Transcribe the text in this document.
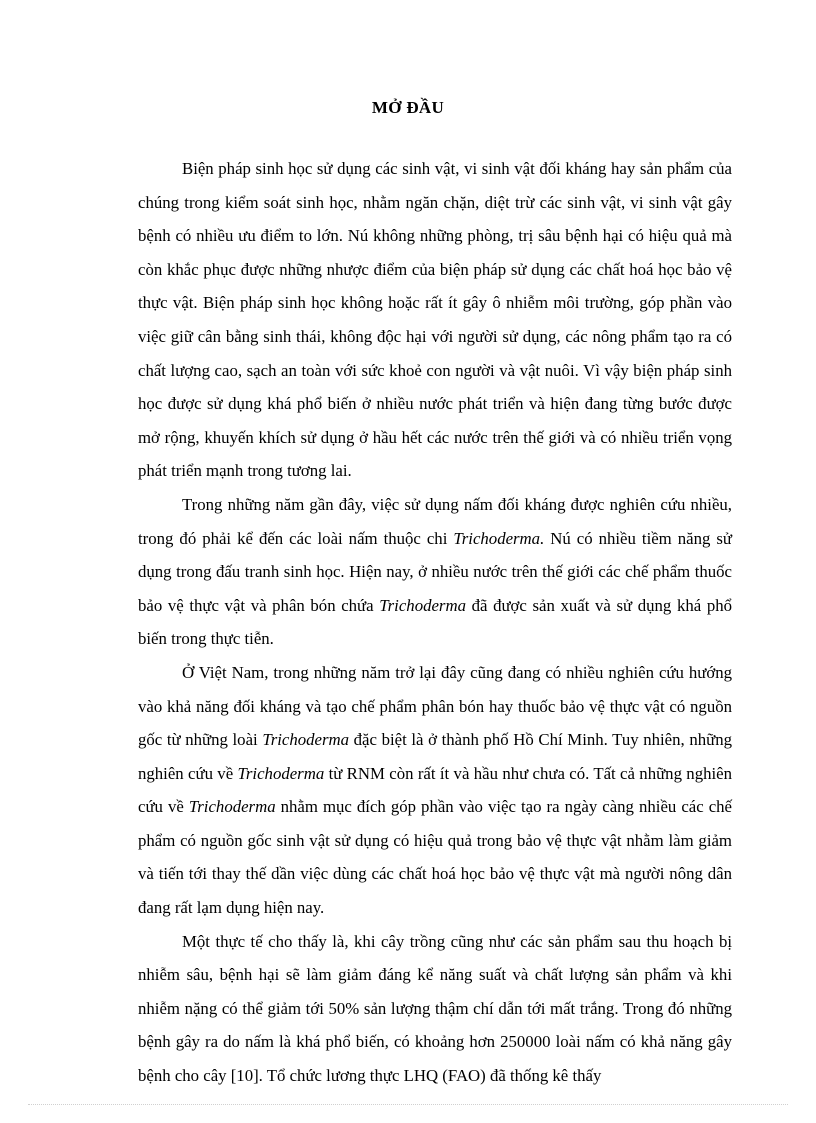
MỞ ĐẦU

Biện pháp sinh học sử dụng các sinh vật, vi sinh vật đối kháng hay sản phẩm của chúng trong kiểm soát sinh học, nhằm ngăn chặn, diệt trừ các sinh vật, vi sinh vật gây bệnh có nhiều ưu điểm to lớn. Nú không những phòng, trị sâu bệnh hại có hiệu quả mà còn khắc phục được những nhược điểm của biện pháp sử dụng các chất hoá học bảo vệ thực vật. Biện pháp sinh học không hoặc rất ít gây ô nhiễm môi trường, góp phần vào việc giữ cân bằng sinh thái, không độc hại với người sử dụng, các nông phẩm tạo ra có chất lượng cao, sạch an toàn với sức khoẻ con người và vật nuôi. Vì vậy biện pháp sinh học được sử dụng khá phổ biến ở nhiều nước phát triển và hiện đang từng bước được mở rộng, khuyến khích sử dụng ở hầu hết các nước trên thế giới và có nhiều triển vọng phát triển mạnh trong tương lai.

Trong những năm gần đây, việc sử dụng nấm đối kháng được nghiên cứu nhiều, trong đó phải kể đến các loài nấm thuộc chi Trichoderma. Nú có nhiều tiềm năng sử dụng trong đấu tranh sinh học. Hiện nay, ở nhiều nước trên thế giới các chế phẩm thuốc bảo vệ thực vật và phân bón chứa Trichoderma đã được sản xuất và sử dụng khá phổ biến trong thực tiễn.

Ở Việt Nam, trong những năm trở lại đây cũng đang có nhiều nghiên cứu hướng vào khả năng đối kháng và tạo chế phẩm phân bón hay thuốc bảo vệ thực vật có nguồn gốc từ những loài Trichoderma đặc biệt là ở thành phố Hồ Chí Minh. Tuy nhiên, những nghiên cứu về Trichoderma từ RNM còn rất ít và hầu như chưa có. Tất cả những nghiên cứu về Trichoderma nhằm mục đích góp phần vào việc tạo ra ngày càng nhiều các chế phẩm có nguồn gốc sinh vật sử dụng có hiệu quả trong bảo vệ thực vật nhằm làm giảm và tiến tới thay thế dần việc dùng các chất hoá học bảo vệ thực vật mà người nông dân đang rất lạm dụng hiện nay.

Một thực tế cho thấy là, khi cây trồng cũng như các sản phẩm sau thu hoạch bị nhiễm sâu, bệnh hại sẽ làm giảm đáng kể năng suất và chất lượng sản phẩm và khi nhiễm nặng có thể giảm tới 50% sản lượng thậm chí dẫn tới mất trắng. Trong đó những bệnh gây ra do nấm là khá phổ biến, có khoảng hơn 250000 loài nấm có khả năng gây bệnh cho cây [10]. Tổ chức lương thực LHQ (FAO) đã thống kê thấy
